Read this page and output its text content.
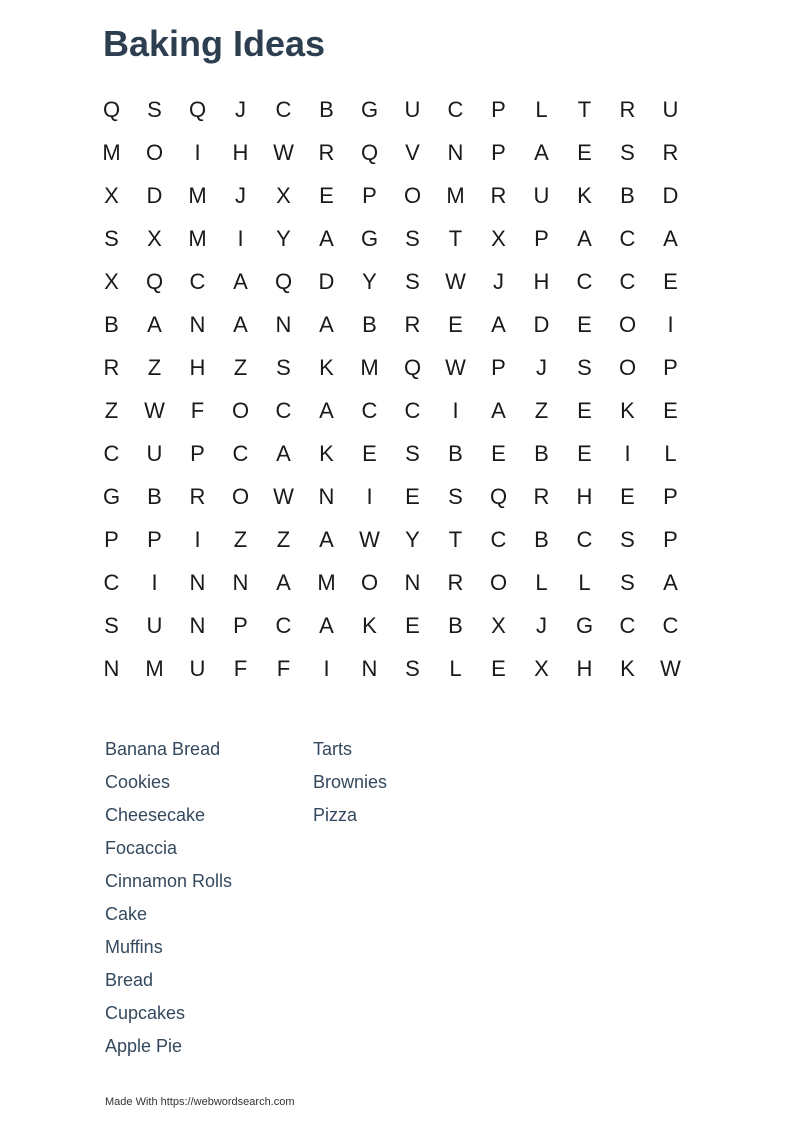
Baking Ideas
Q	S	Q	J	C	B	G	U	C	P	L	T	R	U
M	O	I	H	W	R	Q	V	N	P	A	E	S	R
X	D	M	J	X	E	P	O	M	R	U	K	B	D
S	X	M	I	Y	A	G	S	T	X	P	A	C	A
X	Q	C	A	Q	D	Y	S	W	J	H	C	C	E
B	A	N	A	N	A	B	R	E	A	D	E	O	I
R	Z	H	Z	S	K	M	Q	W	P	J	S	O	P
Z	W	F	O	C	A	C	C	I	A	Z	E	K	E
C	U	P	C	A	K	E	S	B	E	B	E	I	L
G	B	R	O	W	N	I	E	S	Q	R	H	E	P
P	P	I	Z	Z	A	W	Y	T	C	B	C	S	P
C	I	N	N	A	M	O	N	R	O	L	L	S	A
S	U	N	P	C	A	K	E	B	X	J	G	C	C
N	M	U	F	F	I	N	S	L	E	X	H	K	W
Banana Bread
Cookies
Cheesecake
Focaccia
Cinnamon Rolls
Cake
Muffins
Bread
Cupcakes
Apple Pie
Tarts
Brownies
Pizza
Made With https://webwordsearch.com
